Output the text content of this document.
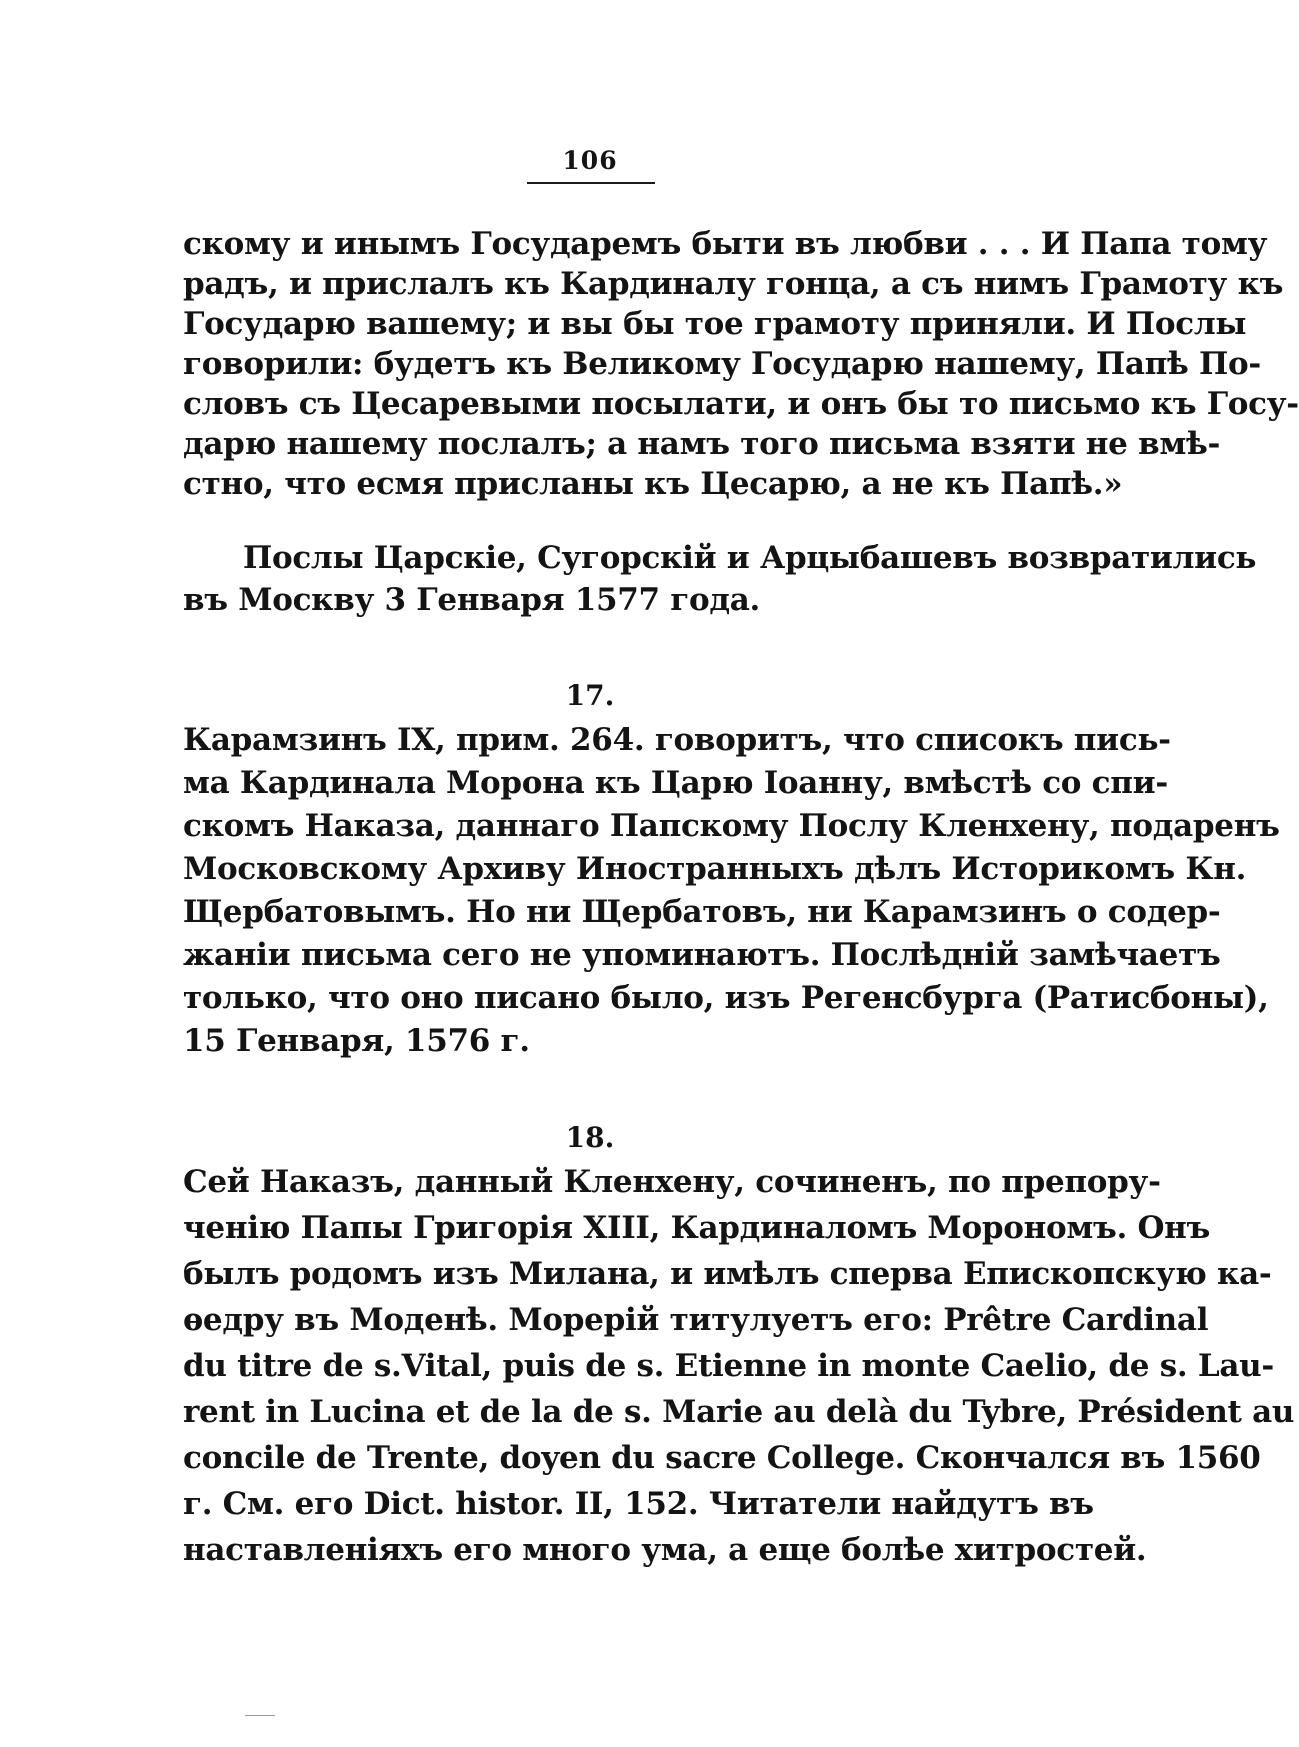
106
скому и инымъ Государемъ быти въ любви . . . И Папа тому
радъ, и прислалъ къ Кардиналу гонца, а съ нимъ Грамоту къ
Государю вашему; и вы бы тое грамоту приняли. И Послы
говорили: будетъ къ Великому Государю нашему, Папѣ По-
словъ съ Цесаревыми посылати, и онъ бы то письмо къ Госу-
дарю нашему послалъ; а намъ того письма взяти не вмѣ-
стно, что есмя присланы къ Цесарю, а не къ Папѣ.»
Послы Царскіе, Сугорскій и Арцыбашевъ возвратились
въ Москву 3 Генваря 1577 года.
17.
Карамзинъ IX, прим. 264. говоритъ, что списокъ пись-
ма Кардинала Морона къ Царю Іоанну, вмѣстѣ со спи-
скомъ Наказа, даннаго Папскому Послу Кленхену, подаренъ
Московскому Архиву Иностранныхъ дѣлъ Историкомъ Кн.
Щербатовымъ. Но ни Щербатовъ, ни Карамзинъ о содер-
жаніи письма сего не упоминаютъ. Послѣдній замѣчаетъ
только, что оно писано было, изъ Регенсбурга (Ратисбоны),
15 Генваря, 1576 г.
18.
Сей Наказъ, данный Кленхену, сочиненъ, по препору-
ченію Папы Григорія XIII, Кардиналомъ Морономъ. Онъ
былъ родомъ изъ Милана, и имѣлъ сперва Епископскую ка-
ѳедру въ Моденѣ. Морерій титулуетъ его: Prêtre Cardinal
du titre de s.Vital, puis de s. Etienne in monte Caelio, de s. Lau-
rent in Lucina et de la de s. Marie au delà du Tybre, Président au
concile de Trente, doyen du sacre College. Скончался въ 1560
г. См. его Dict. histor. II, 152. Читатели найдутъ въ
наставленіяхъ его много ума, а еще болѣе хитростей.
